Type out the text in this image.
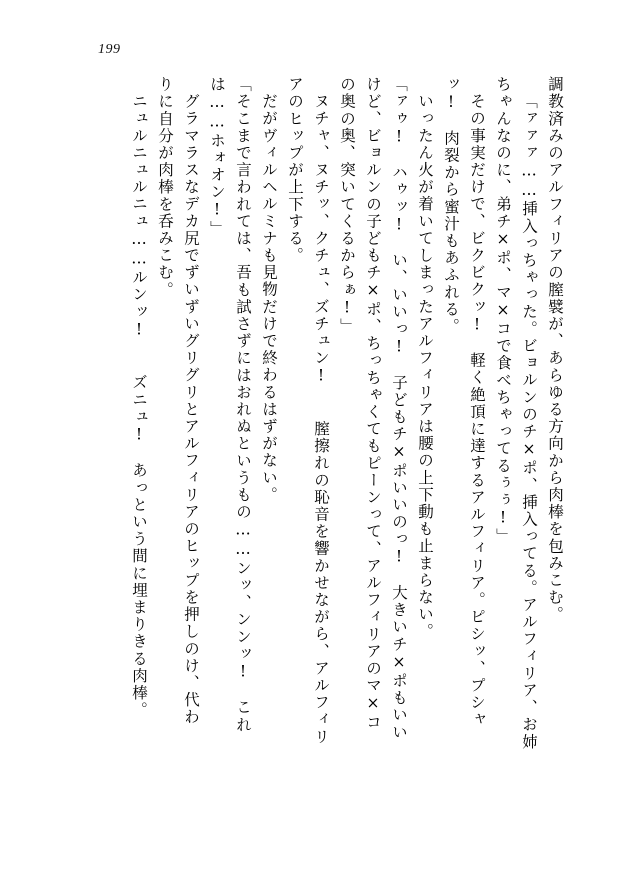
199
調教済みのアルフィリアの膣襞が、あらゆる方向から肉棒を包みこむ。
「ァァァ……挿入っちゃった。ビョルンのチ×ポ、挿入ってる。アルフィリア、お姉
ちゃんなのに、弟チ×ポ、マ×コで食べちゃってるぅぅ!」
その事実だけで、ビクビクッ!　軽く絶頂に達するアルフィリア。ピシッ、プシャ
ッ!　肉裂から蜜汁もあふれる。
いったん火が着いてしまったアルフィリアは腰の上下動も止まらない。
「ァゥ!　ハゥッ!　い、いいっ!　子どもチ×ポいいのっ!　大きいチ×ポもいい
けど、ビョルンの子どもチ×ポ、ちっちゃくてもピーンって、アルフィリアのマ×コ
の奥の奥、突いてくるからぁ!」
ヌチャ、ヌチッ、クチュ、ズチュン!　　膣擦れの恥音を響かせながら、アルフィリ
アのヒップが上下する。
だがヴィルヘルミナも見物だけで終わるはずがない。
「そこまで言われては、吾も試さずにはおれぬというもの……ンッ、ンンッ!　これ
は……ホォオン!」
グラマラスなデカ尻でずいずいグリグリとアルフィリアのヒップを押しのけ、代わ
りに自分が肉棒を呑みこむ。
ニュルニュルニュ……ルンッ!　　ズニュ!　あっという間に埋まりきる肉棒。
